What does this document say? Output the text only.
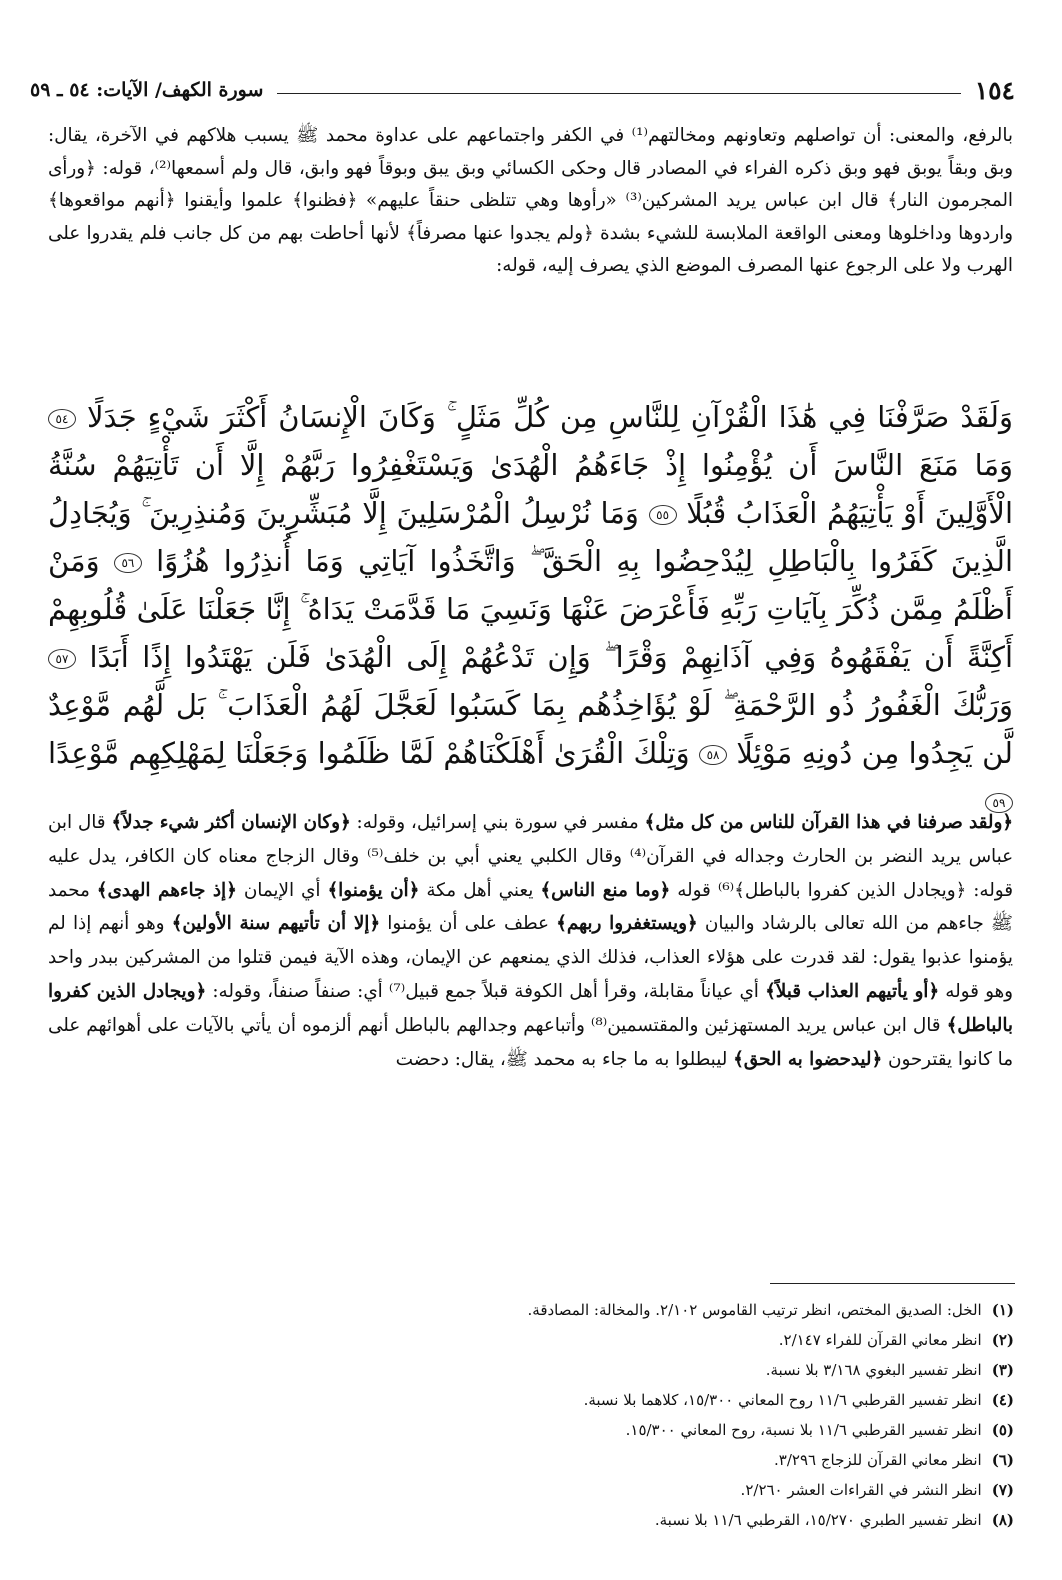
١٥٤
سورة الكهف/ الآيات: ٥٤ ـ ٥٩

بالرفع، والمعنى: أن تواصلهم وتعاونهم ومخالتهم⁽¹⁾ في الكفر واجتماعهم على عداوة محمد ﷺ يسبب هلاكهم في الآخرة، يقال: وبق وبقاً يوبق فهو وبق ذكره الفراء في المصادر قال وحكى الكسائي وبق يبق وبوقاً فهو وابق، قال ولم أسمعها⁽²⁾، قوله: ﴿ورأى المجرمون النار﴾ قال ابن عباس يريد المشركين⁽³⁾ «رأوها وهي تتلظى حنقاً عليهم» ﴿فظنوا﴾ علموا وأيقنوا ﴿أنهم مواقعوها﴾ واردوها وداخلوها ومعنى الواقعة الملابسة للشيء بشدة ﴿ولم يجدوا عنها مصرفاً﴾ لأنها أحاطت بهم من كل جانب فلم يقدروا على الهرب ولا على الرجوع عنها المصرف الموضع الذي يصرف إليه، قوله:

وَلَقَدْ صَرَّفْنَا فِي هَٰذَا الْقُرْآنِ لِلنَّاسِ مِن كُلِّ مَثَلٍ ۚ وَكَانَ الْإِنسَانُ أَكْثَرَ شَيْءٍ جَدَلًا ٥٤ وَمَا مَنَعَ النَّاسَ أَن يُؤْمِنُوا إِذْ جَاءَهُمُ الْهُدَىٰ وَيَسْتَغْفِرُوا رَبَّهُمْ إِلَّا أَن تَأْتِيَهُمْ سُنَّةُ الْأَوَّلِينَ أَوْ يَأْتِيَهُمُ الْعَذَابُ قُبُلًا ٥٥ وَمَا نُرْسِلُ الْمُرْسَلِينَ إِلَّا مُبَشِّرِينَ وَمُنذِرِينَ ۚ وَيُجَادِلُ الَّذِينَ كَفَرُوا بِالْبَاطِلِ لِيُدْحِضُوا بِهِ الْحَقَّ ۖ وَاتَّخَذُوا آيَاتِي وَمَا أُنذِرُوا هُزُوًا ٥٦ وَمَنْ أَظْلَمُ مِمَّن ذُكِّرَ بِآيَاتِ رَبِّهِ فَأَعْرَضَ عَنْهَا وَنَسِيَ مَا قَدَّمَتْ يَدَاهُ ۚ إِنَّا جَعَلْنَا عَلَىٰ قُلُوبِهِمْ أَكِنَّةً أَن يَفْقَهُوهُ وَفِي آذَانِهِمْ وَقْرًا ۖ وَإِن تَدْعُهُمْ إِلَى الْهُدَىٰ فَلَن يَهْتَدُوا إِذًا أَبَدًا ٥٧ وَرَبُّكَ الْغَفُورُ ذُو الرَّحْمَةِ ۖ لَوْ يُؤَاخِذُهُم بِمَا كَسَبُوا لَعَجَّلَ لَهُمُ الْعَذَابَ ۚ بَل لَّهُم مَّوْعِدٌ لَّن يَجِدُوا مِن دُونِهِ مَوْئِلًا ٥٨ وَتِلْكَ الْقُرَىٰ أَهْلَكْنَاهُمْ لَمَّا ظَلَمُوا وَجَعَلْنَا لِمَهْلِكِهِم مَّوْعِدًا ٥٩

﴿ولقد صرفنا في هذا القرآن للناس من كل مثل﴾ مفسر في سورة بني إسرائيل، وقوله: ﴿وكان الإنسان أكثر شيء جدلاً﴾ قال ابن عباس يريد النضر بن الحارث وجداله في القرآن⁽⁴⁾ وقال الكلبي يعني أبي بن خلف⁽⁵⁾ وقال الزجاج معناه كان الكافر، يدل عليه قوله: ﴿ويجادل الذين كفروا بالباطل﴾⁽⁶⁾ قوله ﴿وما منع الناس﴾ يعني أهل مكة ﴿أن يؤمنوا﴾ أي الإيمان ﴿إذ جاءهم الهدى﴾ محمد ﷺ جاءهم من الله تعالى بالرشاد والبيان ﴿ويستغفروا ربهم﴾ عطف على أن يؤمنوا ﴿إلا أن تأتيهم سنة الأولين﴾ وهو أنهم إذا لم يؤمنوا عذبوا يقول: لقد قدرت على هؤلاء العذاب، فذلك الذي يمنعهم عن الإيمان، وهذه الآية فيمن قتلوا من المشركين ببدر واحد وهو قوله ﴿أو يأتيهم العذاب قبلاً﴾ أي عياناً مقابلة، وقرأ أهل الكوفة قبلاً جمع قبيل⁽⁷⁾ أي: صنفاً صنفاً، وقوله: ﴿ويجادل الذين كفروا بالباطل﴾ قال ابن عباس يريد المستهزئين والمقتسمين⁽⁸⁾ وأتباعهم وجدالهم بالباطل أنهم ألزموه أن يأتي بالآيات على أهوائهم على ما كانوا يقترحون ﴿ليدحضوا به الحق﴾ ليبطلوا به ما جاء به محمد ﷺ، يقال: دحضت

(١)
الخل: الصديق المختص، انظر ترتيب القاموس ٢/١٠٢. والمخالة: المصادقة.
(٢)
انظر معاني القرآن للفراء ٢/١٤٧.
(٣)
انظر تفسير البغوي ٣/١٦٨ بلا نسبة.
(٤)
انظر تفسير القرطبي ١١/٦ روح المعاني ١٥/٣٠٠، كلاهما بلا نسبة.
(٥)
انظر تفسير القرطبي ١١/٦ بلا نسبة، روح المعاني ١٥/٣٠٠.
(٦)
انظر معاني القرآن للزجاج ٣/٢٩٦.
(٧)
انظر النشر في القراءات العشر ٢/٢٦٠.
(٨)
انظر تفسير الطبري ١٥/٢٧٠، القرطبي ١١/٦ بلا نسبة.
